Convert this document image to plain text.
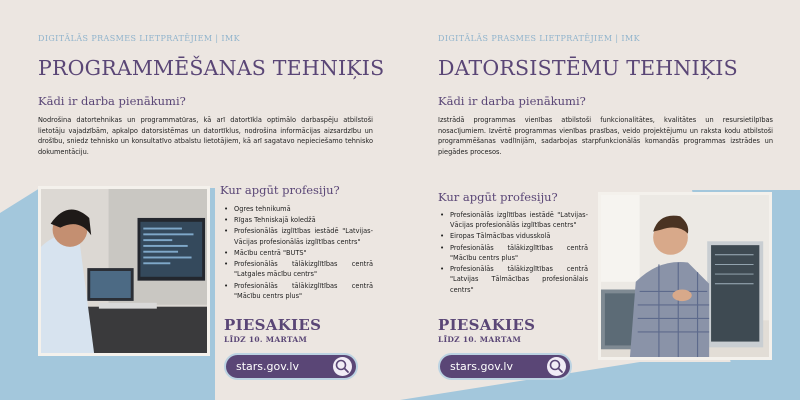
DIGITĀLĀS PRASMES LIETPRATĒJIEM | IMK
PROGRAMMĒŠANAS TEHNIĶIS
Kādi ir darba pienākumi?

Nodrošina datortehnikas un programmatūras, kā arī datortīkla optimālo darbaspēju atbilstoši lietotāju vajadzībām, apkalpo datorsistēmas un datortīklus, nodrošina informācijas aizsardzību un drošību, sniedz tehnisko un konsultatīvo atbalstu lietotājiem, kā arī sagatavo nepieciešamo tehnisko dokumentāciju.

Kur apgūt profesiju?
• Ogres tehnikumā
• Rīgas Tehniskajā koledžā
• Profesionālās izglītības iestādē "Latvijas-Vācijas profesionālās izglītības centrs"
• Mācību centrā "BUTS"
• Profesionālās tālākizglītības centrā "Latgales mācību centrs"
• Profesionālās tālākizglītības centrā "Mācību centrs plus"
PIESAKIES
LĪDZ 10. MARTAM
stars.gov.lv
DIGITĀLĀS PRASMES LIETPRATĒJIEM | IMK
DATORSISTĒMU TEHNIĶIS
Kādi ir darba pienākumi?

Izstrādā programmas vienības atbilstoši funkcionalitātes, kvalitātes un resursietilpības nosacījumiem. Izvērtē programmas vienības prasības, veido projektējumu un raksta kodu atbilstoši programmēšanas vadlīnijām, sadarbojas starpfunkcionālās komandās programmas izstrādes un piegādes procesos.

Kur apgūt profesiju?
• Profesionālās izglītības iestādē "Latvijas-Vācijas profesionālās izglītības centrs"
• Eiropas Tālmācības vidusskolā
• Profesionālās tālākizglītības centrā "Mācību centrs plus"
• Profesionālās tālākizglītības centrā "Latvijas Tālmācības profesionālais centrs"
PIESAKIES
LĪDZ 10. MARTAM
stars.gov.lv
